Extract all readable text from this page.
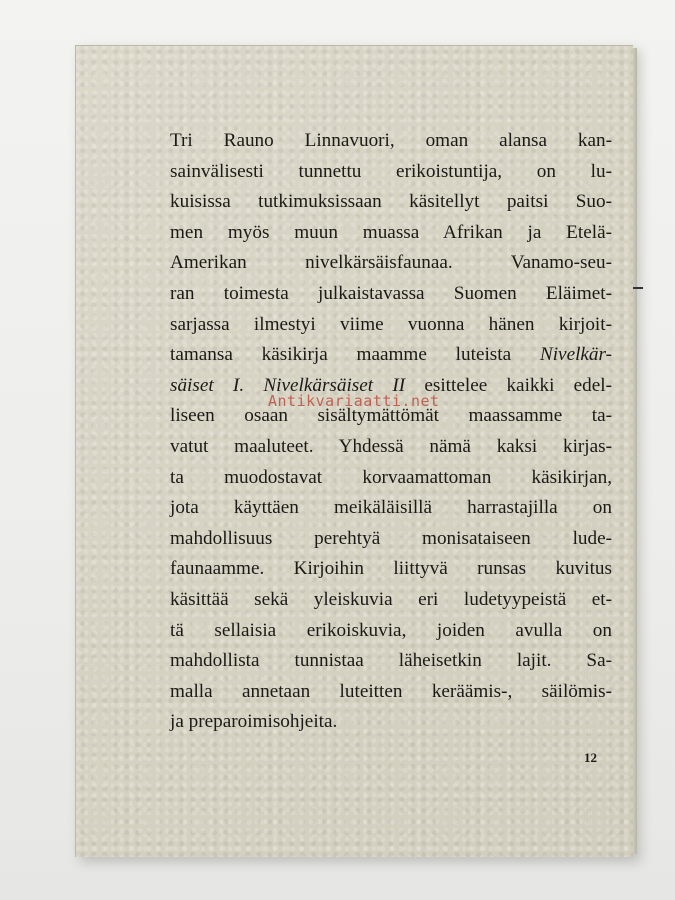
Tri Rauno Linnavuori, oman alansa kan-
sainvälisesti tunnettu erikoistuntija, on lu-
kuisissa tutkimuksissaan käsitellyt paitsi Suo-
men myös muun muassa Afrikan ja Etelä-
Amerikan nivelkärsäisfaunaa. Vanamo-seu-
ran toimesta julkaistavassa Suomen Eläimet-
sarjassa ilmestyi viime vuonna hänen kirjoit-
tamansa käsikirja maamme luteista Nivelkär-
säiset I. Nivelkärsäiset II esittelee kaikki edel-
liseen osaan sisältymättömät maassamme ta-
vatut maaluteet. Yhdessä nämä kaksi kirjas-
ta muodostavat korvaamattoman käsikirjan,
jota käyttäen meikäläisillä harrastajilla on
mahdollisuus perehtyä monisataiseen lude-
faunaamme. Kirjoihin liittyvä runsas kuvitus
käsittää sekä yleiskuvia eri ludetyypeistä et-
tä sellaisia erikoiskuvia, joiden avulla on
mahdollista tunnistaa läheisetkin lajit. Sa-
malla annetaan luteitten keräämis-, säilömis-
ja preparoimisohjeita.
Antikvariaatti.net
12
